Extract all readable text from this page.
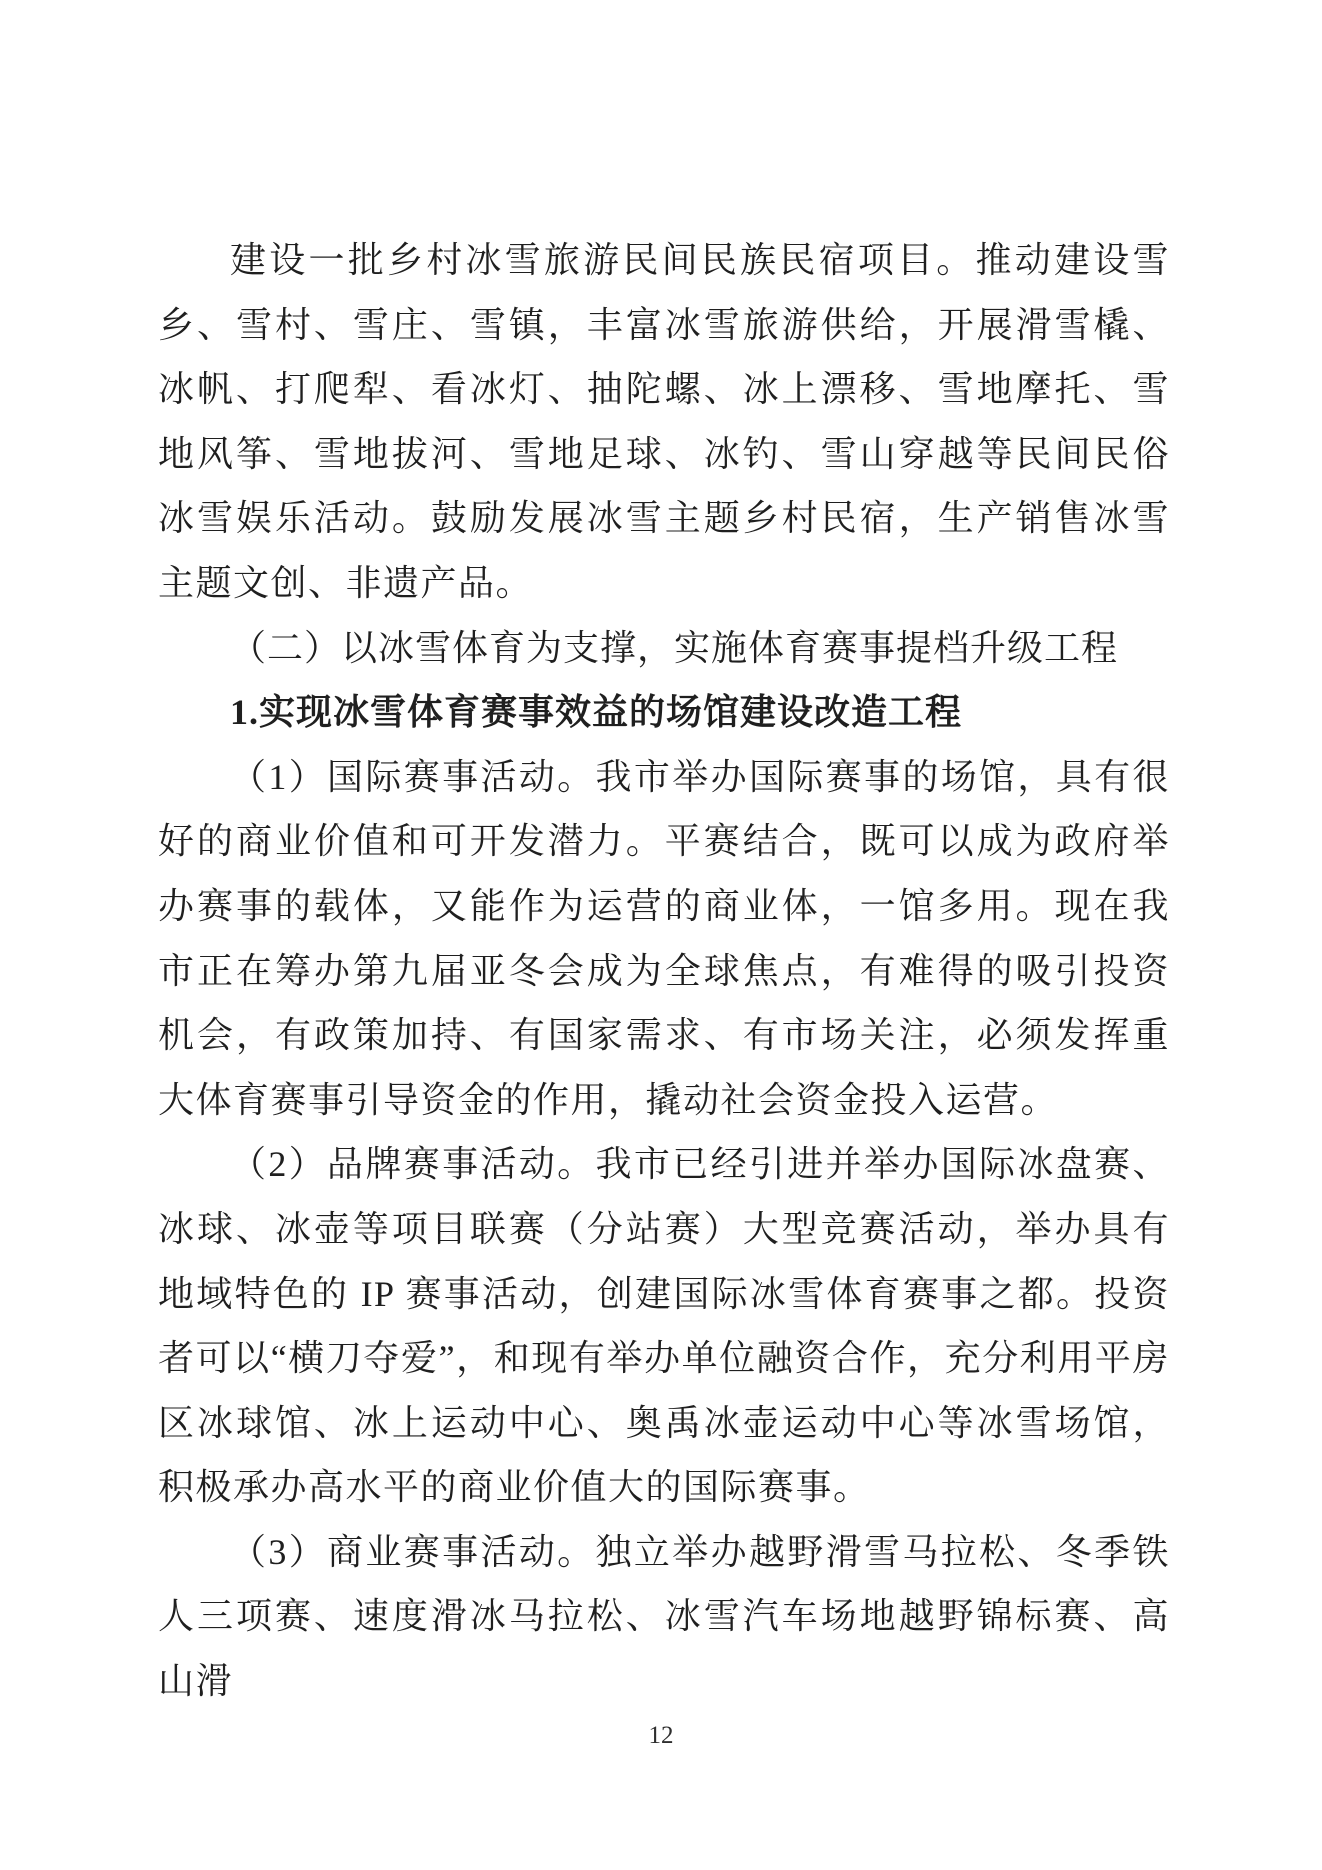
建设一批乡村冰雪旅游民间民族民宿项目。推动建设雪乡、雪村、雪庄、雪镇，丰富冰雪旅游供给，开展滑雪橇、冰帆、打爬犁、看冰灯、抽陀螺、冰上漂移、雪地摩托、雪地风筝、雪地拔河、雪地足球、冰钓、雪山穿越等民间民俗冰雪娱乐活动。鼓励发展冰雪主题乡村民宿，生产销售冰雪主题文创、非遗产品。

（二）以冰雪体育为支撑，实施体育赛事提档升级工程

1.实现冰雪体育赛事效益的场馆建设改造工程

（1）国际赛事活动。我市举办国际赛事的场馆，具有很好的商业价值和可开发潜力。平赛结合，既可以成为政府举办赛事的载体，又能作为运营的商业体，一馆多用。现在我市正在筹办第九届亚冬会成为全球焦点，有难得的吸引投资机会，有政策加持、有国家需求、有市场关注，必须发挥重大体育赛事引导资金的作用，撬动社会资金投入运营。

（2）品牌赛事活动。我市已经引进并举办国际冰盘赛、冰球、冰壶等项目联赛（分站赛）大型竞赛活动，举办具有地域特色的 IP 赛事活动，创建国际冰雪体育赛事之都。投资者可以“横刀夺爱”，和现有举办单位融资合作，充分利用平房区冰球馆、冰上运动中心、奥禹冰壶运动中心等冰雪场馆，积极承办高水平的商业价值大的国际赛事。

（3）商业赛事活动。独立举办越野滑雪马拉松、冬季铁人三项赛、速度滑冰马拉松、冰雪汽车场地越野锦标赛、高山滑

12
